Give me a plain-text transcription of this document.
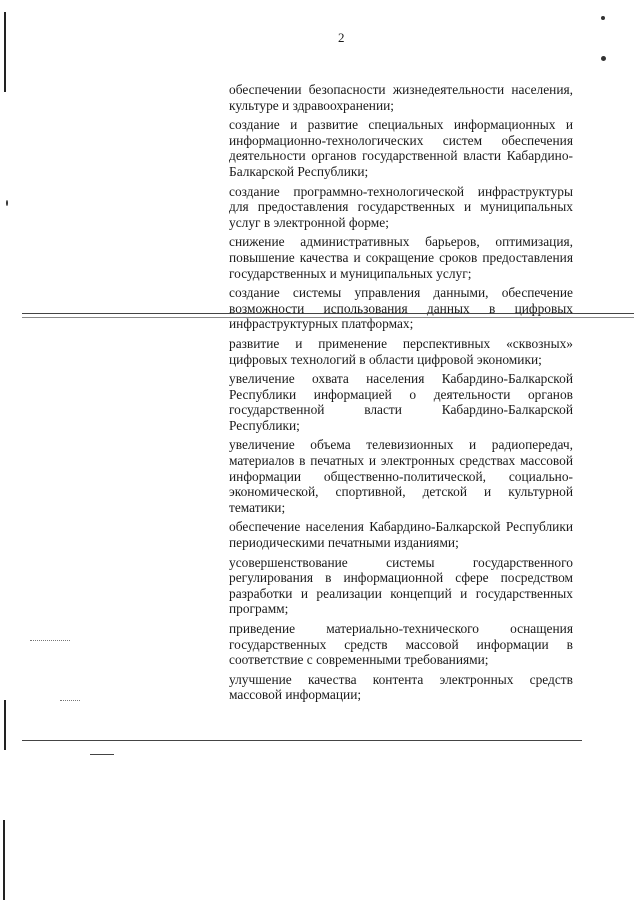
2

обеспечении безопасности жизнедеятельности населения, культуре и здравоохранении;

создание и развитие специальных информационных и информационно-технологических систем обеспечения деятельности органов государственной власти Кабардино-Балкарской Республики;

создание программно-технологической инфраструктуры для предоставления государственных и муниципальных услуг в электронной форме;

снижение административных барьеров, оптимизация, повышение качества и сокращение сроков предоставления государственных и муниципальных услуг;

создание системы управления данными, обеспечение возможности использования данных в цифровых инфраструктурных платформах;

развитие и применение перспективных «сквозных» цифровых технологий в области цифровой экономики;

увеличение охвата населения Кабардино-Балкарской Республики информацией о деятельности органов государственной власти Кабардино-Балкарской Республики;

увеличение объема телевизионных и радиопередач, материалов в печатных и электронных средствах массовой информации общественно-политической, социально-экономической, спортивной, детской и культурной тематики;

обеспечение населения Кабардино-Балкарской Республики периодическими печатными изданиями;

усовершенствование системы государственного регулирования в информационной сфере посредством разработки и реализации концепций и государственных программ;

приведение материально-технического оснащения государственных средств массовой информации в соответствие с современными требованиями;

улучшение качества контента электронных средств массовой информации;
